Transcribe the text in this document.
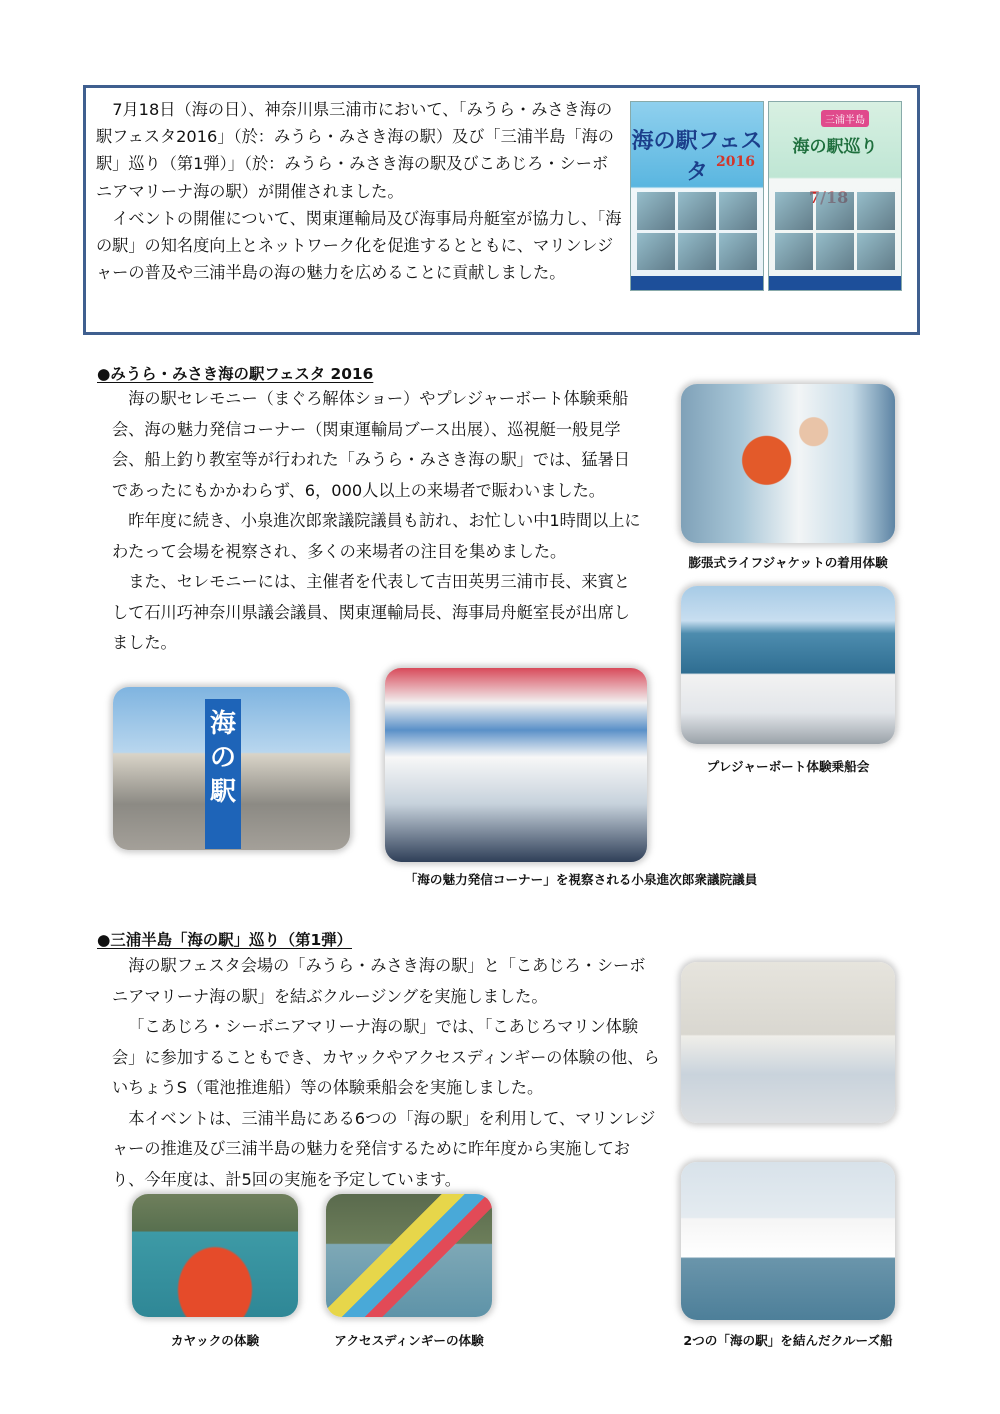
7月18日（海の日）、神奈川県三浦市において、「みうら・みさき海の駅フェスタ2016」（於：みうら・みさき海の駅）及び「三浦半島「海の駅」巡り（第1弾）」（於：みうら・みさき海の駅及びこあじろ・シーボニアマリーナ海の駅）が開催されました。

イベントの開催について、関東運輸局及び海事局舟艇室が協力し、「海の駅」の知名度向上とネットワーク化を促進するとともに、マリンレジャーの普及や三浦半島の海の魅力を広めることに貢献しました。

海の駅フェスタ 2016
三浦半島
海の駅巡り
●みうら・みさき海の駅フェスタ 2016

海の駅セレモニー（まぐろ解体ショー）やプレジャーボート体験乗船会、海の魅力発信コーナー（関東運輸局ブース出展）、巡視艇一般見学会、船上釣り教室等が行われた「みうら・みさき海の駅」では、猛暑日であったにもかかわらず、6，000人以上の来場者で賑わいました。

昨年度に続き、小泉進次郎衆議院議員も訪れ、お忙しい中1時間以上にわたって会場を視察され、多くの来場者の注目を集めました。

また、セレモニーには、主催者を代表して吉田英男三浦市長、来賓として石川巧神奈川県議会議員、関東運輸局長、海事局舟艇室長が出席しました。

膨張式ライフジャケットの着用体験
プレジャーボート体験乗船会
海の駅
「海の魅力発信コーナー」を視察される小泉進次郎衆議院議員
●三浦半島「海の駅」巡り（第1弾）

海の駅フェスタ会場の「みうら・みさき海の駅」と「こあじろ・シーボニアマリーナ海の駅」を結ぶクルージングを実施しました。

「こあじろ・シーボニアマリーナ海の駅」では、「こあじろマリン体験会」に参加することもでき、カヤックやアクセスディンギーの体験の他、らいちょうS（電池推進船）等の体験乗船会を実施しました。

本イベントは、三浦半島にある6つの「海の駅」を利用して、マリンレジャーの推進及び三浦半島の魅力を発信するために昨年度から実施しており、今年度は、計5回の実施を予定しています。

カヤックの体験	アクセスディンギーの体験	2つの「海の駅」を結んだクルーズ船
